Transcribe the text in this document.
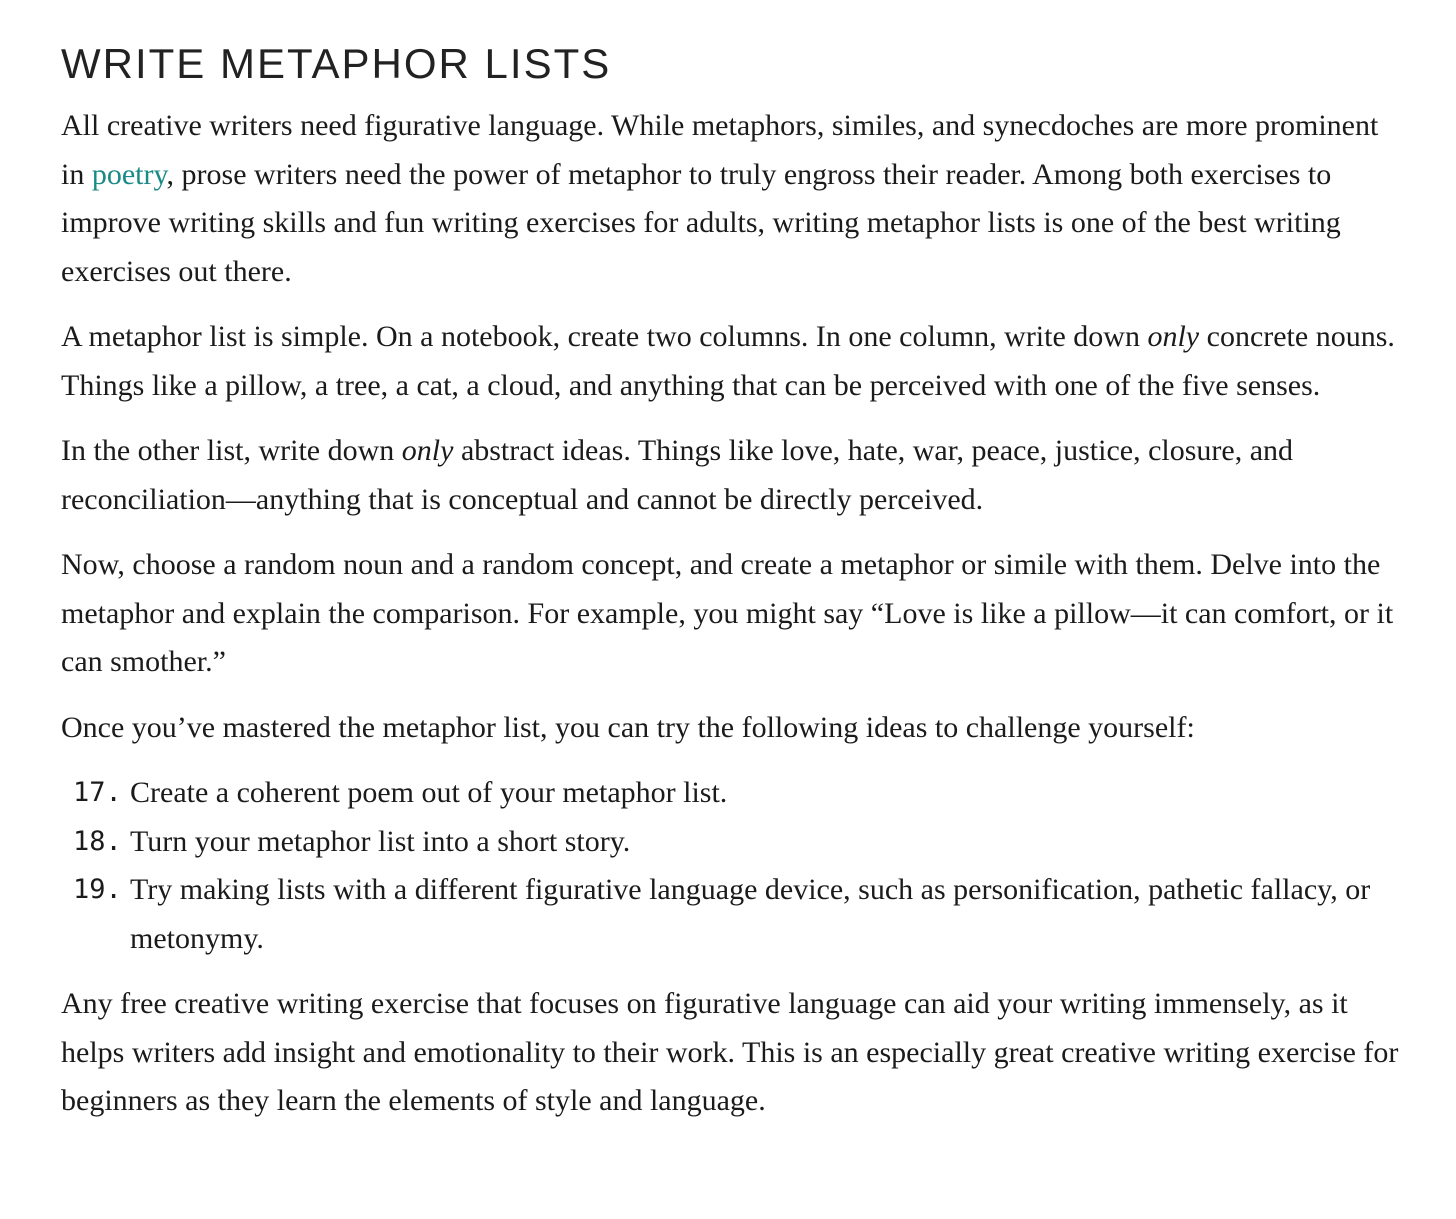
WRITE METAPHOR LISTS

All creative writers need figurative language. While metaphors, similes, and synecdoches are more prominent in poetry, prose writers need the power of metaphor to truly engross their reader. Among both exercises to improve writing skills and fun writing exercises for adults, writing metaphor lists is one of the best writing exercises out there.

A metaphor list is simple. On a notebook, create two columns. In one column, write down only concrete nouns. Things like a pillow, a tree, a cat, a cloud, and anything that can be perceived with one of the five senses.

In the other list, write down only abstract ideas. Things like love, hate, war, peace, justice, closure, and reconciliation—anything that is conceptual and cannot be directly perceived.

Now, choose a random noun and a random concept, and create a metaphor or simile with them. Delve into the metaphor and explain the comparison. For example, you might say “Love is like a pillow—it can comfort, or it can smother.”

Once you’ve mastered the metaphor list, you can try the following ideas to challenge yourself:

17. Create a coherent poem out of your metaphor list.
18. Turn your metaphor list into a short story.
19. Try making lists with a different figurative language device, such as personification, pathetic fallacy, or metonymy.

Any free creative writing exercise that focuses on figurative language can aid your writing immensely, as it helps writers add insight and emotionality to their work. This is an especially great creative writing exercise for beginners as they learn the elements of style and language.
